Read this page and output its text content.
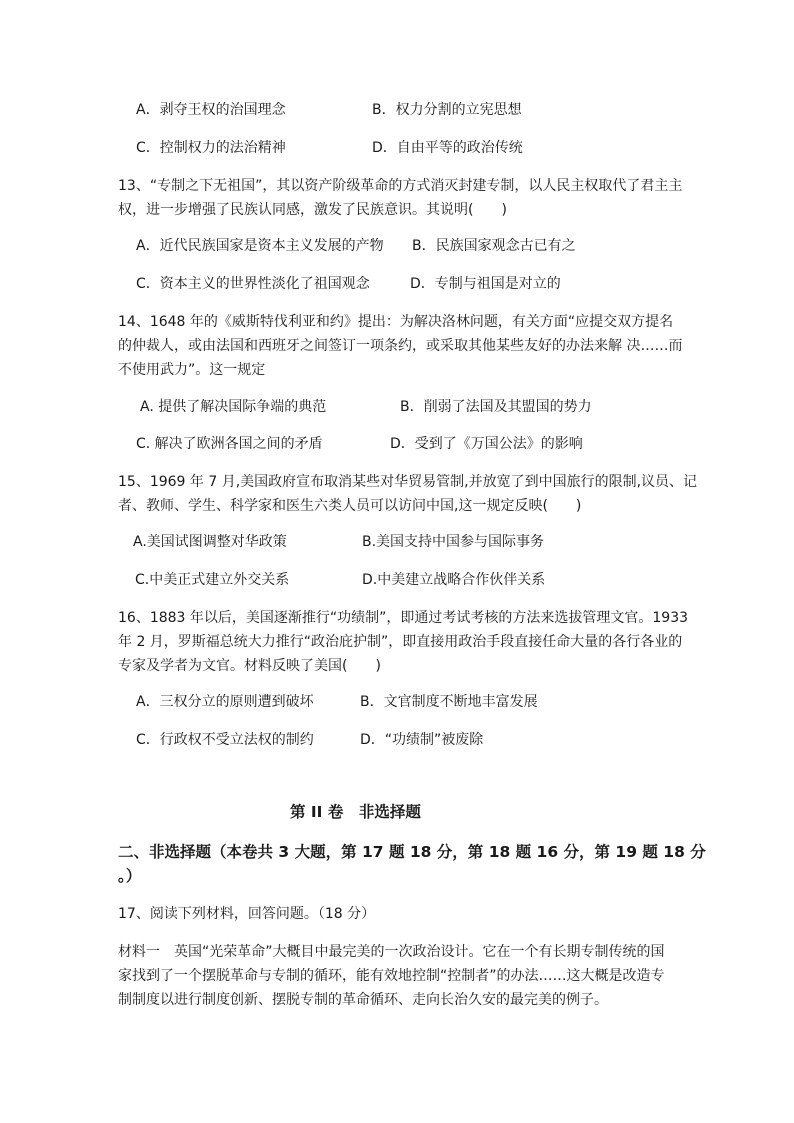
A．剥夺王权的治国理念	B．权力分割的立宪思想
C．控制权力的法治精神	D．自由平等的政治传统
13、“专制之下无祖国”，其以资产阶级革命的方式消灭封建专制，以人民主权取代了君主主
权，进一步增强了民族认同感，激发了民族意识。其说明(　　)
A．近代民族国家是资本主义发展的产物 B．民族国家观念古已有之
C．资本主义的世界性淡化了祖国观念	D．专制与祖国是对立的
14、1648 年的《威斯特伐利亚和约》提出：为解决洛林问题，有关方面“应提交双方提名
的仲裁人，或由法国和西班牙之间签订一项条约，或采取其他某些友好的办法来解 决……而
不使用武力”。这一规定
A. 提供了解决国际争端的典范	B．削弱了法国及其盟国的势力
C. 解决了欧洲各国之间的矛盾	D．受到了《万国公法》的影响
15、1969 年 7 月,美国政府宣布取消某些对华贸易管制,并放宽了到中国旅行的限制,议员、记
者、教师、学生、科学家和医生六类人员可以访问中国,这一规定反映(　　)
A.美国试图调整对华政策	B.美国支持中国参与国际事务
C.中美正式建立外交关系	D.中美建立战略合作伙伴关系
16、1883 年以后，美国逐渐推行“功绩制”，即通过考试考核的方法来选拔管理文官。1933
年 2 月，罗斯福总统大力推行“政治庇护制”，即直接用政治手段直接任命大量的各行各业的
专家及学者为文官。材料反映了美国(　　)
A．三权分立的原则遭到破坏	B．文官制度不断地丰富发展
C．行政权不受立法权的制约	D．“功绩制”被废除
第 II 卷　非选择题
二、非选择题（本卷共 3 大题，第 17 题 18 分，第 18 题 16 分，第 19 题 18 分
。）
17、阅读下列材料，回答问题。（18 分）
材料一　英国“光荣革命”大概目中最完美的一次政治设计。它在一个有长期专制传统的国
家找到了一个摆脱革命与专制的循环，能有效地控制“控制者”的办法……这大概是改造专
制制度以进行制度创新、摆脱专制的革命循环、走向长治久安的最完美的例子。
